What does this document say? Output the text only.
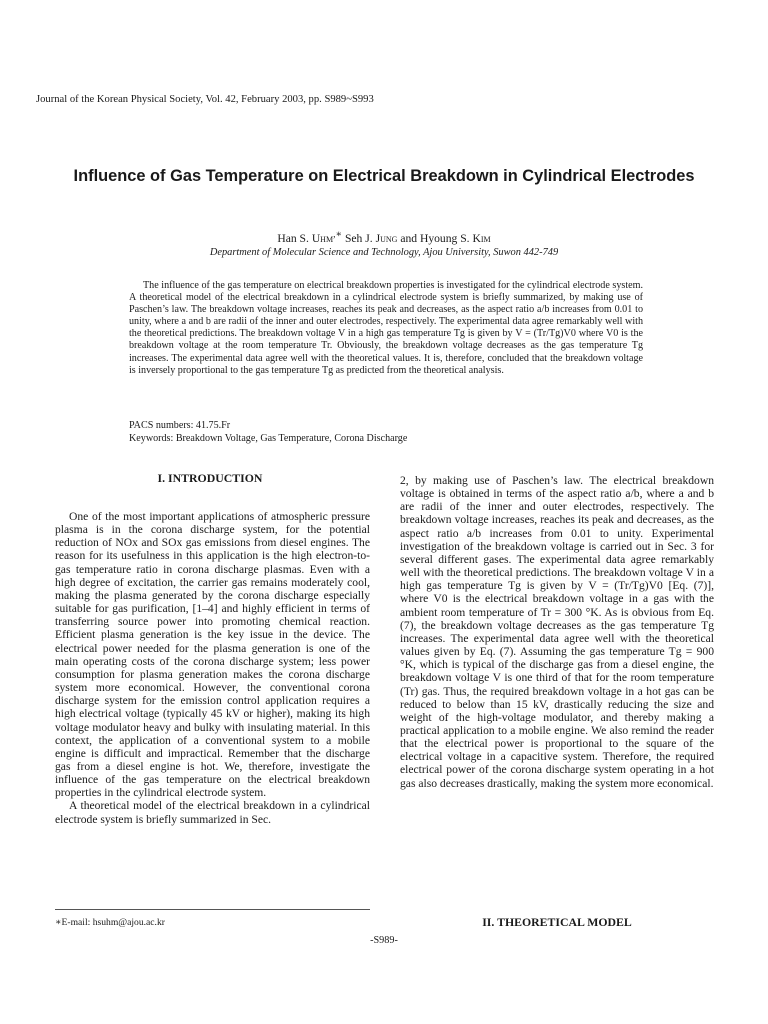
Journal of the Korean Physical Society, Vol. 42, February 2003, pp. S989~S993
Influence of Gas Temperature on Electrical Breakdown in Cylindrical Electrodes
Han S. Uhm,∗ Seh J. Jung and Hyoung S. Kim
Department of Molecular Science and Technology, Ajou University, Suwon 442-749
The influence of the gas temperature on electrical breakdown properties is investigated for the cylindrical electrode system. A theoretical model of the electrical breakdown in a cylindrical electrode system is briefly summarized, by making use of Paschen’s law. The breakdown voltage increases, reaches its peak and decreases, as the aspect ratio a/b increases from 0.01 to unity, where a and b are radii of the inner and outer electrodes, respectively. The experimental data agree remarkably well with the theoretical predictions. The breakdown voltage V in a high gas temperature Tg is given by V = (Tr/Tg)V0 where V0 is the breakdown voltage at the room temperature Tr. Obviously, the breakdown voltage decreases as the gas temperature Tg increases. The experimental data agree well with the theoretical values. It is, therefore, concluded that the breakdown voltage is inversely proportional to the gas temperature Tg as predicted from the theoretical analysis.
PACS numbers: 41.75.Fr
Keywords: Breakdown Voltage, Gas Temperature, Corona Discharge
I. INTRODUCTION

One of the most important applications of atmospheric pressure plasma is in the corona discharge system, for the potential reduction of NOx and SOx gas emissions from diesel engines. The reason for its usefulness in this application is the high electron-to-gas temperature ratio in corona discharge plasmas. Even with a high degree of excitation, the carrier gas remains moderately cool, making the plasma generated by the corona discharge especially suitable for gas purification, [1–4] and highly efficient in terms of transferring source power into promoting chemical reaction. Efficient plasma generation is the key issue in the device. The electrical power needed for the plasma generation is one of the main operating costs of the corona discharge system; less power consumption for plasma generation makes the corona discharge system more economical. However, the conventional corona discharge system for the emission control application requires a high electrical voltage (typically 45 kV or higher), making its high voltage modulator heavy and bulky with insulating material. In this context, the application of a conventional system to a mobile engine is difficult and impractical. Remember that the discharge gas from a diesel engine is hot. We, therefore, investigate the influence of the gas temperature on the electrical breakdown properties in the cylindrical electrode system.

A theoretical model of the electrical breakdown in a cylindrical electrode system is briefly summarized in Sec.

2, by making use of Paschen’s law. The electrical breakdown voltage is obtained in terms of the aspect ratio a/b, where a and b are radii of the inner and outer electrodes, respectively. The breakdown voltage increases, reaches its peak and decreases, as the aspect ratio a/b increases from 0.01 to unity. Experimental investigation of the breakdown voltage is carried out in Sec. 3 for several different gases. The experimental data agree remarkably well with the theoretical predictions. The breakdown voltage V in a high gas temperature Tg is given by V = (Tr/Tg)V0 [Eq. (7)], where V0 is the electrical breakdown voltage in a gas with the ambient room temperature of Tr = 300 °K. As is obvious from Eq. (7), the breakdown voltage decreases as the gas temperature Tg increases. The experimental data agree well with the theoretical values given by Eq. (7). Assuming the gas temperature Tg = 900 °K, which is typical of the discharge gas from a diesel engine, the breakdown voltage V is one third of that for the room temperature (Tr) gas. Thus, the required breakdown voltage in a hot gas can be reduced to below than 15 kV, drastically reducing the size and weight of the high-voltage modulator, and thereby making a practical application to a mobile engine. We also remind the reader that the electrical power is proportional to the square of the electrical voltage in a capacitive system. Therefore, the required electrical power of the corona discharge system operating in a hot gas also decreases drastically, making the system more economical.

II. THEORETICAL MODEL
∗E-mail: hsuhm@ajou.ac.kr
-S989-
